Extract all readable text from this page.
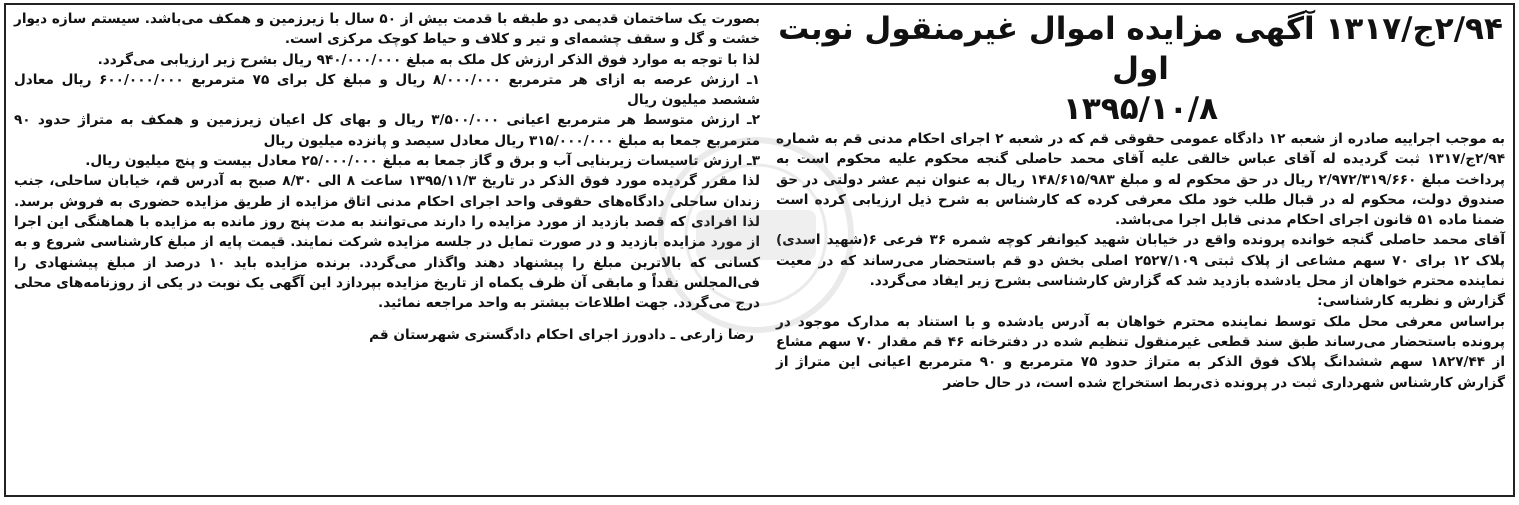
۲/۹۴ج/۱۳۱۷ آگهی مزایده اموال غیرمنقول نوبت اول
۱۳۹۵/۱۰/۸

به موجب اجراییه صادره از شعبه ۱۲ دادگاه عمومی حقوقی قم که در شعبه ۲ اجرای احکام مدنی قم به شماره ۲/۹۴ج/۱۳۱۷ ثبت گردیده له آقای عباس خالقی علیه آقای محمد حاصلی گنجه محکوم علیه محکوم است به پرداخت مبلغ ۲/۹۷۲/۳۱۹/۶۶۰ ریال در حق محکوم له و مبلغ ۱۴۸/۶۱۵/۹۸۳ ریال به عنوان نیم عشر دولتی در حق صندوق دولت، محکوم له در قبال طلب خود ملک معرفی کرده که کارشناس به شرح ذیل ارزیابی کرده است ضمنا ماده ۵۱ قانون اجرای احکام مدنی قابل اجرا می‌باشد.

آقای محمد حاصلی گنجه خوانده پرونده واقع در خیابان شهید کیوانفر کوچه شمره ۳۶ فرعی ۶(شهید اسدی) پلاک ۱۲ برای ۷۰ سهم مشاعی از پلاک ثبتی ۲۵۲۷/۱۰۹ اصلی بخش دو قم باستحضار می‌رساند که در معیت نماینده محترم خواهان از محل یادشده بازدید شد که گزارش کارشناسی بشرح زیر ایفاد می‌گردد.

گزارش و نظریه کارشناسی:

براساس معرفی محل ملک توسط نماینده محترم خواهان به آدرس یادشده و با استناد به مدارک موجود در پرونده باستحضار می‌رساند طبق سند قطعی غیرمنقول تنظیم شده در دفترخانه ۴۶ قم مقدار ۷۰ سهم مشاع از ۱۸۲۷/۴۴ سهم ششدانگ پلاک فوق الذکر به متراژ حدود ۷۵ مترمربع و ۹۰ مترمربع اعیانی این متراژ از گزارش کارشناس شهرداری ثبت در پرونده ذی‌ربط استخراج شده است، در حال حاضر

بصورت یک ساختمان قدیمی دو طبقه با قدمت بیش از ۵۰ سال با زیرزمین و همکف می‌باشد. سیستم سازه دیوار خشت و گل و سقف چشمه‌ای و تیر و کلاف و حیاط کوچک مرکزی است.

لذا با توجه به موارد فوق الذکر ارزش کل ملک به مبلغ ۹۴۰/۰۰۰/۰۰۰ ریال بشرح زیر ارزیابی می‌گردد.

۱ـ ارزش عرصه به ازای هر مترمربع ۸/۰۰۰/۰۰۰ ریال و مبلغ کل برای ۷۵ مترمربع ۶۰۰/۰۰۰/۰۰۰ ریال معادل ششصد میلیون ریال

۲ـ ارزش متوسط هر مترمربع اعیانی ۳/۵۰۰/۰۰۰ ریال و بهای کل اعیان زیرزمین و همکف به متراژ حدود ۹۰ مترمربع جمعا به مبلغ ۳۱۵/۰۰۰/۰۰۰ ریال معادل سیصد و پانزده میلیون ریال

۳ـ ارزش تاسیسات زیربنایی آب و برق و گاز جمعا به مبلغ ۲۵/۰۰۰/۰۰۰ معادل بیست و پنج میلیون ریال.

لذا مقرر گردیده مورد فوق الذکر در تاریخ ۱۳۹۵/۱۱/۳ ساعت ۸ الی ۸/۳۰ صبح به آدرس قم، خیابان ساحلی، جنب زندان ساحلی دادگاه‌های حقوقی واحد اجرای احکام مدنی اتاق مزایده از طریق مزایده حضوری به فروش برسد. لذا افرادی که قصد بازدید از مورد مزایده را دارند می‌توانند به مدت پنج روز مانده به مزایده با هماهنگی این اجرا از مورد مزایده بازدید و در صورت تمایل در جلسه مزایده شرکت نمایند. قیمت پایه از مبلغ کارشناسی شروع و به کسانی که بالاترین مبلغ را پیشنهاد دهند واگذار می‌گردد. برنده مزایده باید ۱۰ درصد از مبلغ پیشنهادی را فی‌المجلس نقداً و مابقی آن ظرف یکماه از تاریخ مزایده بپردازد این آگهی یک نوبت در یکی از روزنامه‌های محلی درج می‌گردد. جهت اطلاعات بیشتر به واحد مراجعه نمائید.

رضا زارعی ـ دادورز اجرای احکام دادگستری شهرستان قم
